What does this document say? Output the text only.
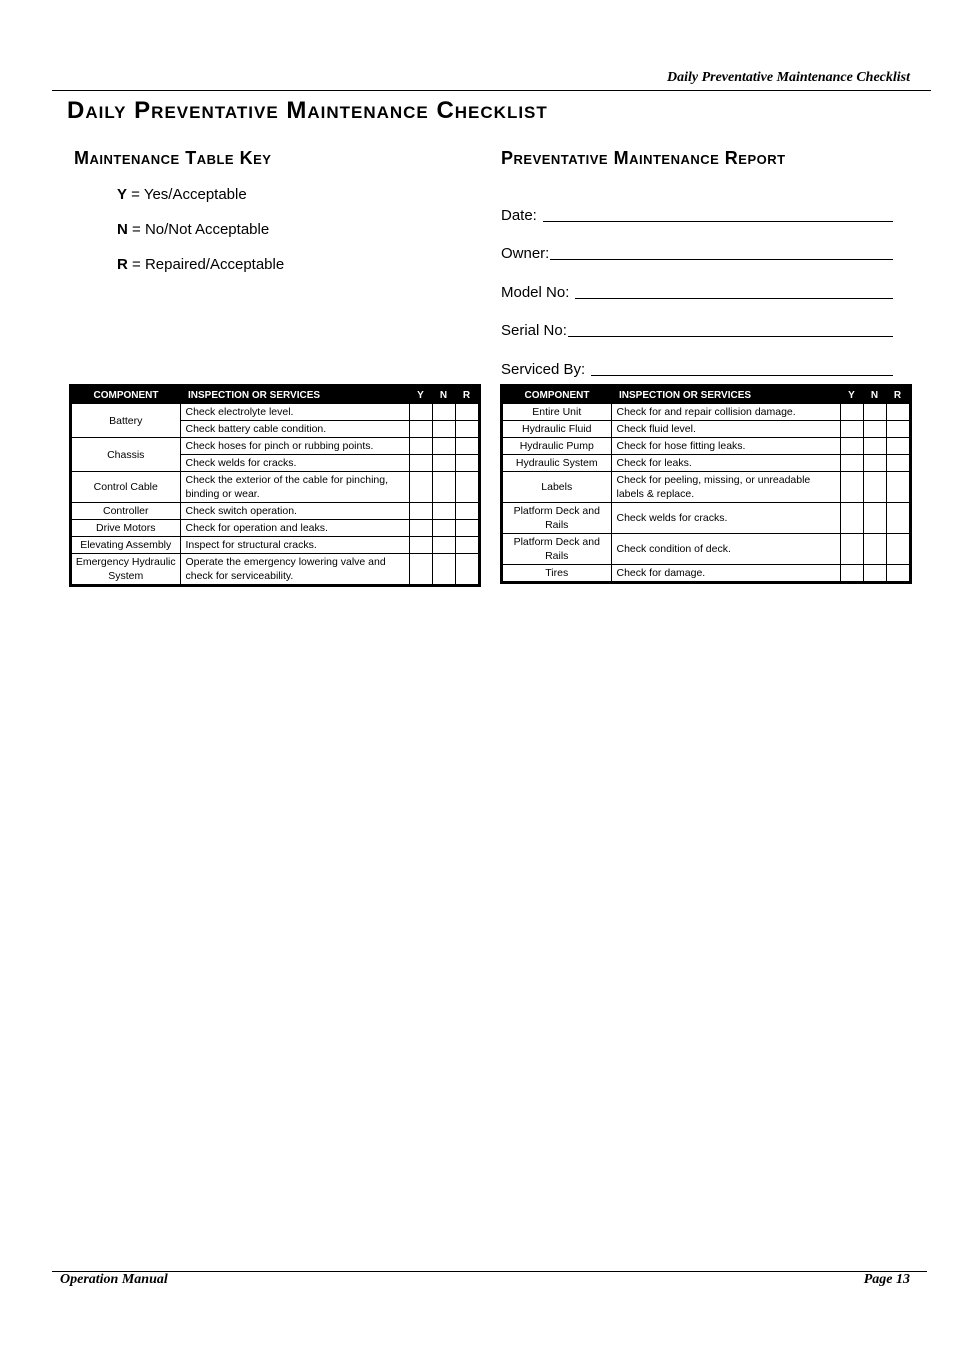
Daily Preventative Maintenance Checklist
Daily Preventative Maintenance Checklist
Maintenance Table Key
Y = Yes/Acceptable
N = No/Not Acceptable
R = Repaired/Acceptable
Preventative Maintenance Report
Date:
Owner:
Model No:
Serial No:
Serviced By:
COMPONENT	INSPECTION OR SERVICES	Y	N	R
Battery	Check electrolyte level.			
	Check battery cable condition.			
Chassis	Check hoses for pinch or rubbing points.			
	Check welds for cracks.			
Control Cable	Check the exterior of the cable for pinching, binding or wear.			
Controller	Check switch operation.			
Drive Motors	Check for operation and leaks.			
Elevating Assembly	Inspect for structural cracks.			
Emergency Hydraulic System	Operate the emergency lowering valve and check for serviceability.			
COMPONENT	INSPECTION OR SERVICES	Y	N	R
Entire Unit	Check for and repair collision damage.			
Hydraulic Fluid	Check fluid level.			
Hydraulic Pump	Check for hose fitting leaks.			
Hydraulic System	Check for leaks.			
Labels	Check for peeling, missing, or unreadable labels & replace.			
Platform Deck and Rails	Check welds for cracks.			
Platform Deck and Rails	Check condition of deck.			
Tires	Check for damage.			
Operation Manual	Page 13
